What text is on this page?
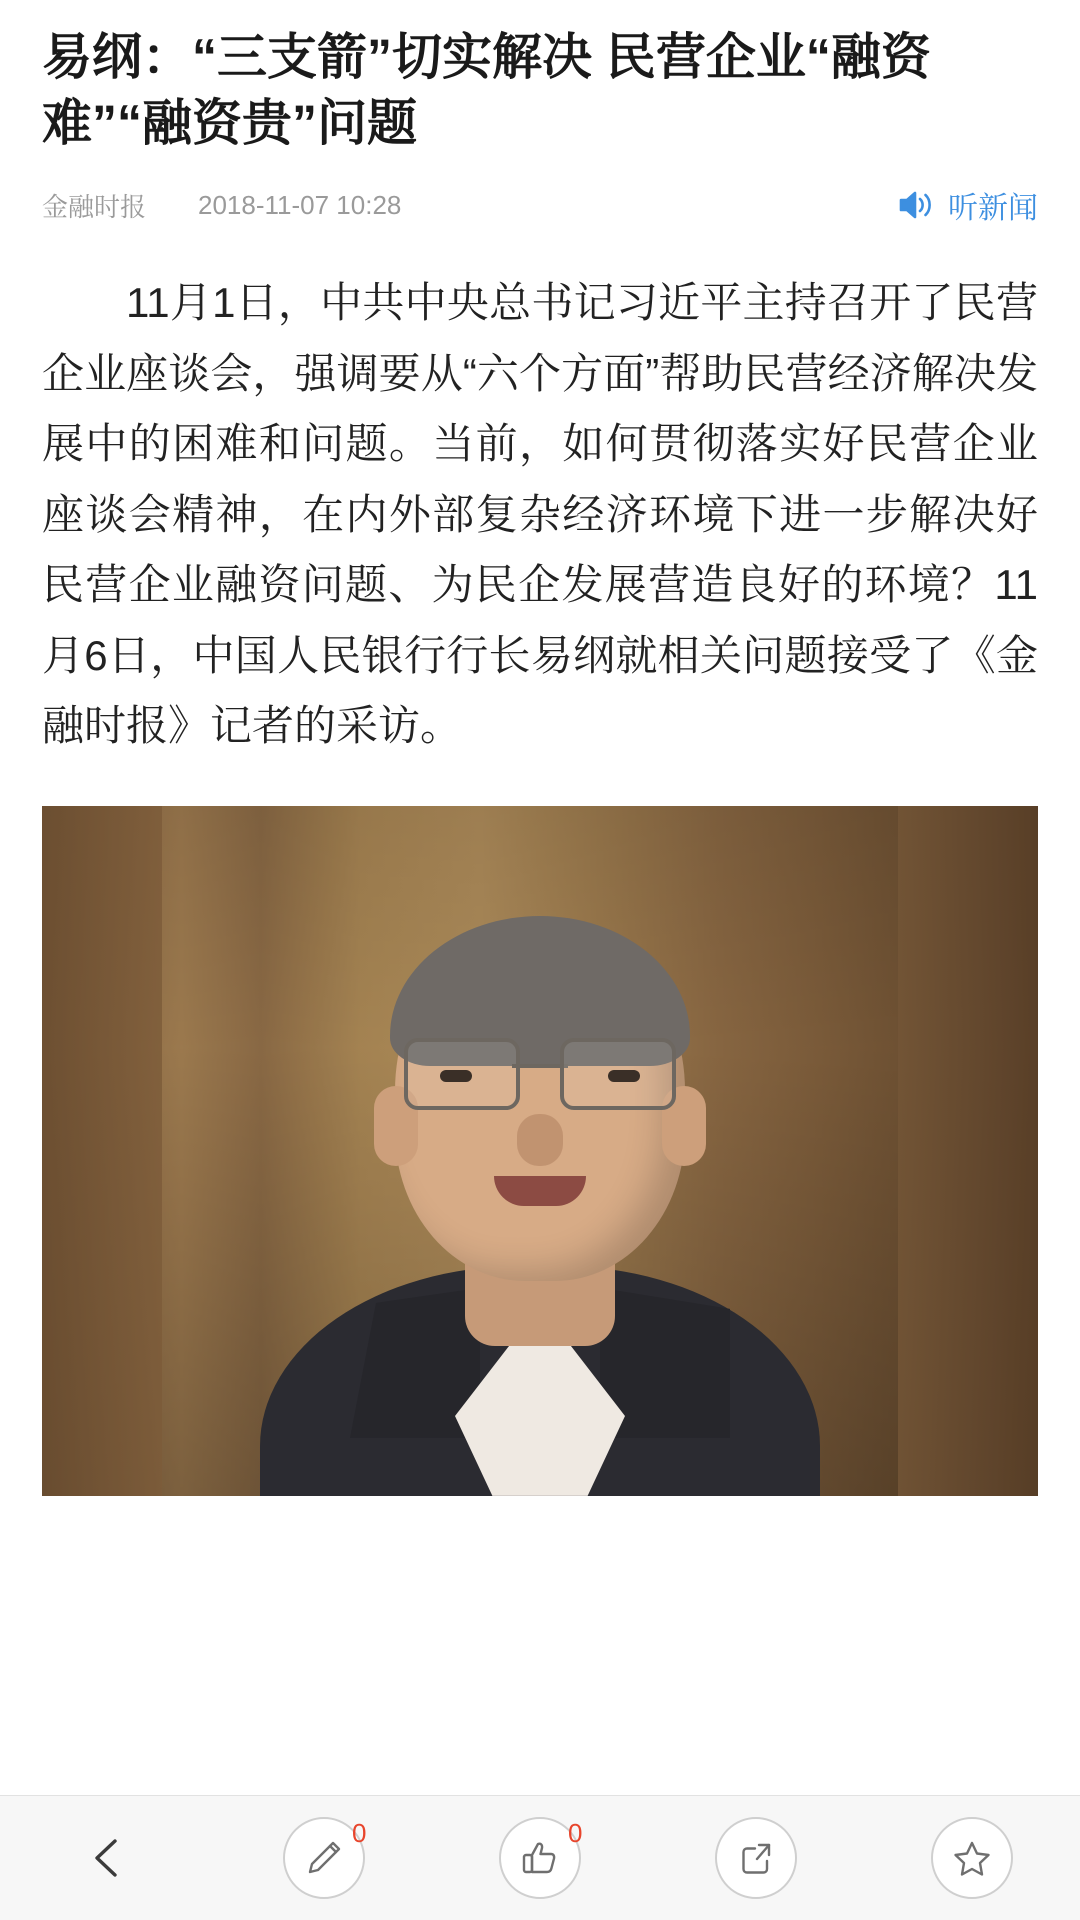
易纲：“三支箭”切实解决 民营企业“融资难”“融资贵”问题
金融时报 2018-11-07 10:28	听新闻

11月1日，中共中央总书记习近平主持召开了民营企业座谈会，强调要从“六个方面”帮助民营经济解决发展中的困难和问题。当前，如何贯彻落实好民营企业座谈会精神，在内外部复杂经济环境下进一步解决好民营企业融资问题、为民企发展营造良好的环境？11月6日，中国人民银行行长易纲就相关问题接受了《金融时报》记者的采访。

0	0
